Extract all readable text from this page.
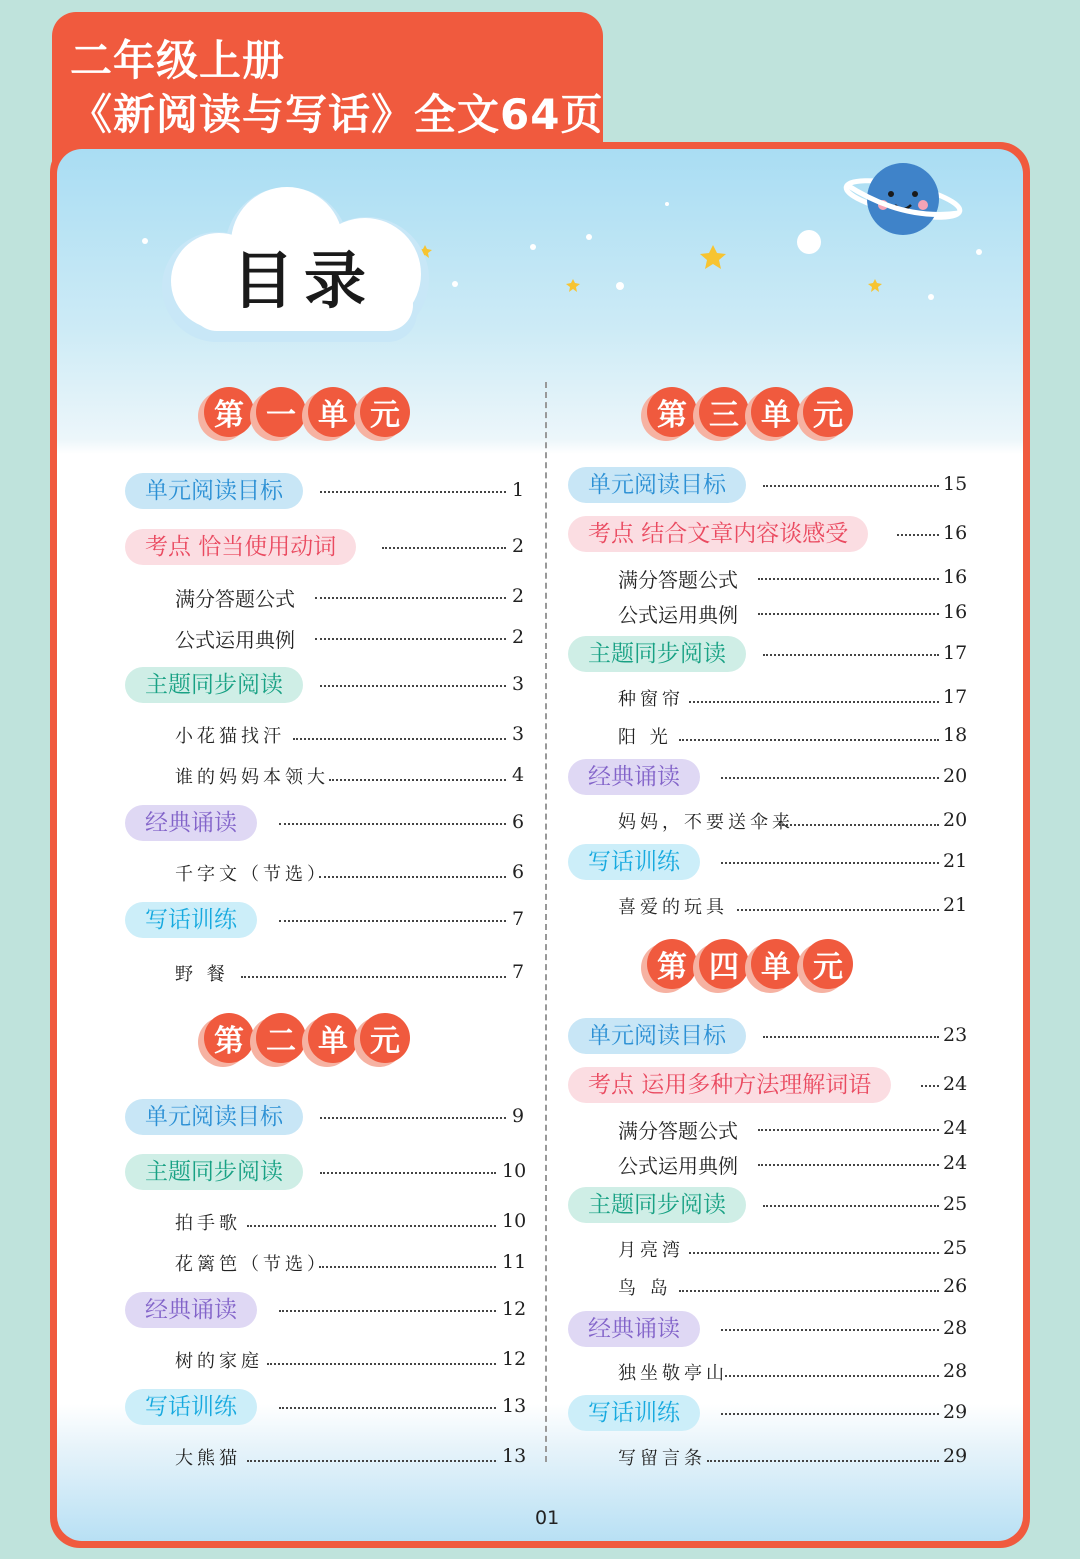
二年级上册
《新阅读与写话》全文64页
目录
第 一 单 元
第 二 单 元
第 三 单 元
第 四 单 元
单元阅读目标	1
考点 恰当使用动词	2
满分答题公式	2
公式运用典例	2
主题同步阅读	3
小花猫找汗	3
谁的妈妈本领大	4
经典诵读	6
千字文（节选）	6
写话训练	7
野 餐	7
单元阅读目标	9
主题同步阅读	10
拍手歌	10
花篱笆（节选）	11
经典诵读	12
树的家庭	12
写话训练	13
大熊猫	13
单元阅读目标	15
考点 结合文章内容谈感受	16
满分答题公式	16
公式运用典例	16
主题同步阅读	17
种窗帘	17
阳 光	18
经典诵读	20
妈妈，不要送伞来	20
写话训练	21
喜爱的玩具	21
单元阅读目标	23
考点 运用多种方法理解词语	24
满分答题公式	24
公式运用典例	24
主题同步阅读	25
月亮湾	25
鸟 岛	26
经典诵读	28
独坐敬亭山	28
写话训练	29
写留言条	29
01
